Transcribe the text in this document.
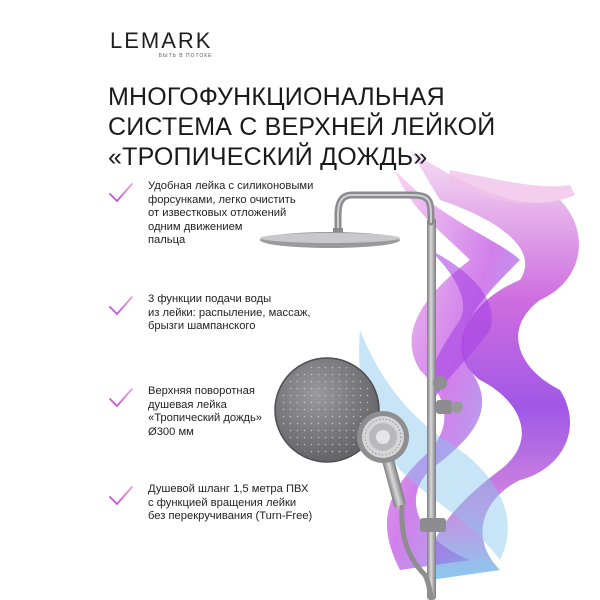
LEMARK
БЫТЬ В ПОТОКЕ
МНОГОФУНКЦИОНАЛЬНАЯ
СИСТЕМА С ВЕРХНЕЙ ЛЕЙКОЙ
«ТРОПИЧЕСКИЙ ДОЖДЬ»
Удобная лейка с силиконовыми
форсунками, легко очистить
от известковых отложений
одним движением
пальца
3 функции подачи воды
из лейки: распыление, массаж,
брызги шампанского
Верхняя поворотная
душевая лейка
«Тропический дождь»
Ø300 мм
Душевой шланг 1,5 метра ПВХ
с функцией вращения лейки
без перекручивания (Turn-Free)
